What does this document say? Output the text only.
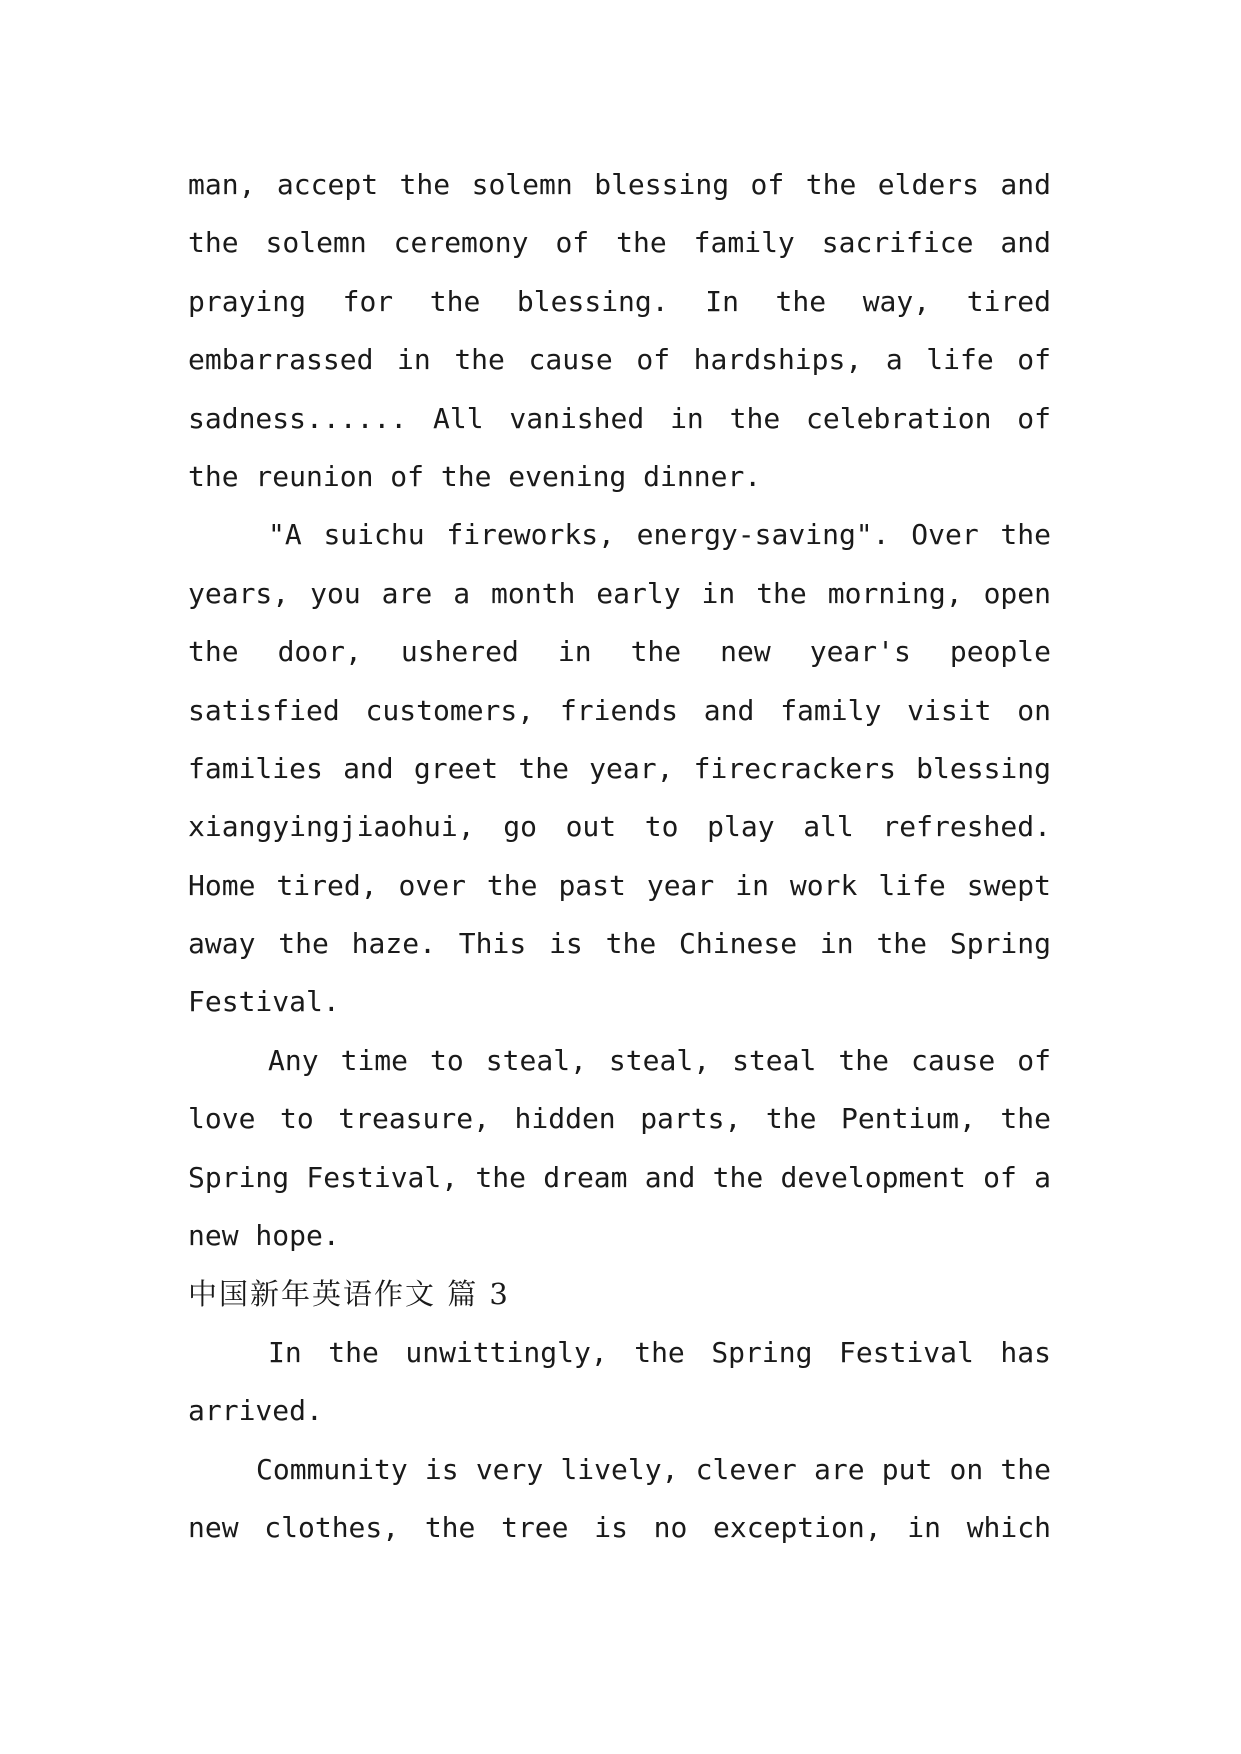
man, accept the solemn blessing of the elders and
the solemn ceremony of the family sacrifice and
praying for the blessing. In the way, tired
embarrassed in the cause of hardships, a life of
sadness...... All vanished in the celebration of
the reunion of the evening dinner.
"A suichu fireworks, energy-saving". Over the
years, you are a month early in the morning, open
the door, ushered in the new year's people
satisfied customers, friends and family visit on
families and greet the year, firecrackers blessing
xiangyingjiaohui, go out to play all refreshed.
Home tired, over the past year in work life swept
away the haze. This is the Chinese in the Spring
Festival.
Any time to steal, steal, steal the cause of
love to treasure, hidden parts, the Pentium, the
Spring Festival, the dream and the development of a
new hope.
中国新年英语作文 篇 3
In the unwittingly, the Spring Festival has
arrived.
Community is very lively, clever are put on the
new clothes, the tree is no exception, in which
